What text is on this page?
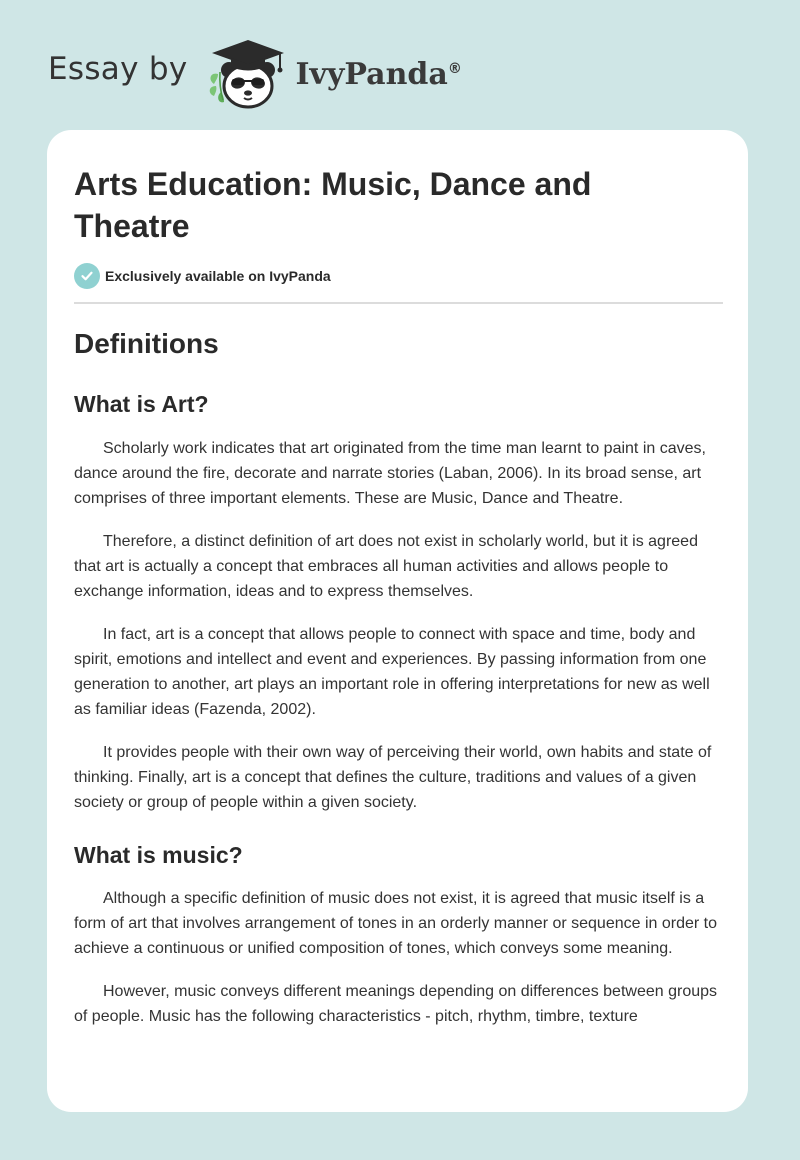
Essay by	IvyPanda®
Arts Education: Music, Dance and Theatre
Exclusively available on IvyPanda
Definitions
What is Art?

Scholarly work indicates that art originated from the time man learnt to paint in caves, dance around the fire, decorate and narrate stories (Laban, 2006). In its broad sense, art comprises of three important elements. These are Music, Dance and Theatre.

Therefore, a distinct definition of art does not exist in scholarly world, but it is agreed that art is actually a concept that embraces all human activities and allows people to exchange information, ideas and to express themselves.

In fact, art is a concept that allows people to connect with space and time, body and spirit, emotions and intellect and event and experiences. By passing information from one generation to another, art plays an important role in offering interpretations for new as well as familiar ideas (Fazenda, 2002).

It provides people with their own way of perceiving their world, own habits and state of thinking. Finally, art is a concept that defines the culture, traditions and values of a given society or group of people within a given society.

What is music?

Although a specific definition of music does not exist, it is agreed that music itself is a form of art that involves arrangement of tones in an orderly manner or sequence in order to achieve a continuous or unified composition of tones, which conveys some meaning.

However, music conveys different meanings depending on differences between groups of people. Music has the following characteristics - pitch, rhythm, timbre, texture
